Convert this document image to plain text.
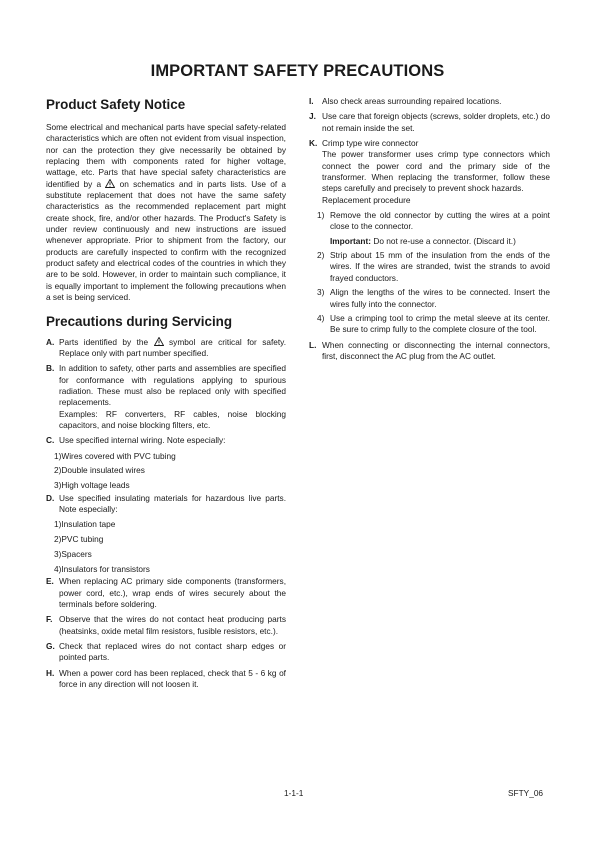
IMPORTANT SAFETY PRECAUTIONS
Product Safety Notice

Some electrical and mechanical parts have special safety-related characteristics which are often not evident from visual inspection, nor can the protection they give necessarily be obtained by replacing them with components rated for higher voltage, wattage, etc. Parts that have special safety characteristics are identified by a on schematics and in parts lists. Use of a substitute replacement that does not have the same safety characteristics as the recommended replacement part might create shock, fire, and/or other hazards. The Product's Safety is under review continuously and new instructions are issued whenever appropriate. Prior to shipment from the factory, our products are carefully inspected to confirm with the recognized product safety and electrical codes of the countries in which they are to be sold. However, in order to maintain such compliance, it is equally important to implement the following precautions when a set is being serviced.

Precautions during Servicing
A. Parts identified by the	symbol are critical for safety. Replace only with part number specified.
B. In addition to safety, other parts and assemblies are specified for conformance with regulations applying to spurious radiation. These must also be replaced only with specified replacements.
Examples: RF converters, RF cables, noise blocking capacitors, and noise blocking filters, etc.
C. Use specified internal wiring. Note especially:
1)Wires covered with PVC tubing
2)Double insulated wires
3)High voltage leads
D. Use specified insulating materials for hazardous live parts. Note especially:
1)Insulation tape
2)PVC tubing
3)Spacers
4)Insulators for transistors
E. When replacing AC primary side components (transformers, power cord, etc.), wrap ends of wires securely about the terminals before soldering.
F. Observe that the wires do not contact heat producing parts (heatsinks, oxide metal film resistors, fusible resistors, etc.).
G. Check that replaced wires do not contact sharp edges or pointed parts.
H. When a power cord has been replaced, check that 5 - 6 kg of force in any direction will not loosen it.
I.	Also check areas surrounding repaired locations.
J. Use care that foreign objects (screws, solder droplets, etc.) do not remain inside the set.
K. Crimp type wire connector
The power transformer uses crimp type connectors which connect the power cord and the primary side of the transformer. When replacing the transformer, follow these steps carefully and precisely to prevent shock hazards.
Replacement procedure
1) Remove the old connector by cutting the wires at a point close to the connector.
Important: Do not re-use a connector. (Discard it.)
2) Strip about 15 mm of the insulation from the ends of the wires. If the wires are stranded, twist the strands to avoid frayed conductors.
3) Align the lengths of the wires to be connected. Insert the wires fully into the connector.
4) Use a crimping tool to crimp the metal sleeve at its center. Be sure to crimp fully to the complete closure of the tool.
L. When connecting or disconnecting the internal connectors, first, disconnect the AC plug from the AC outlet.
1-1-1	SFTY_06
